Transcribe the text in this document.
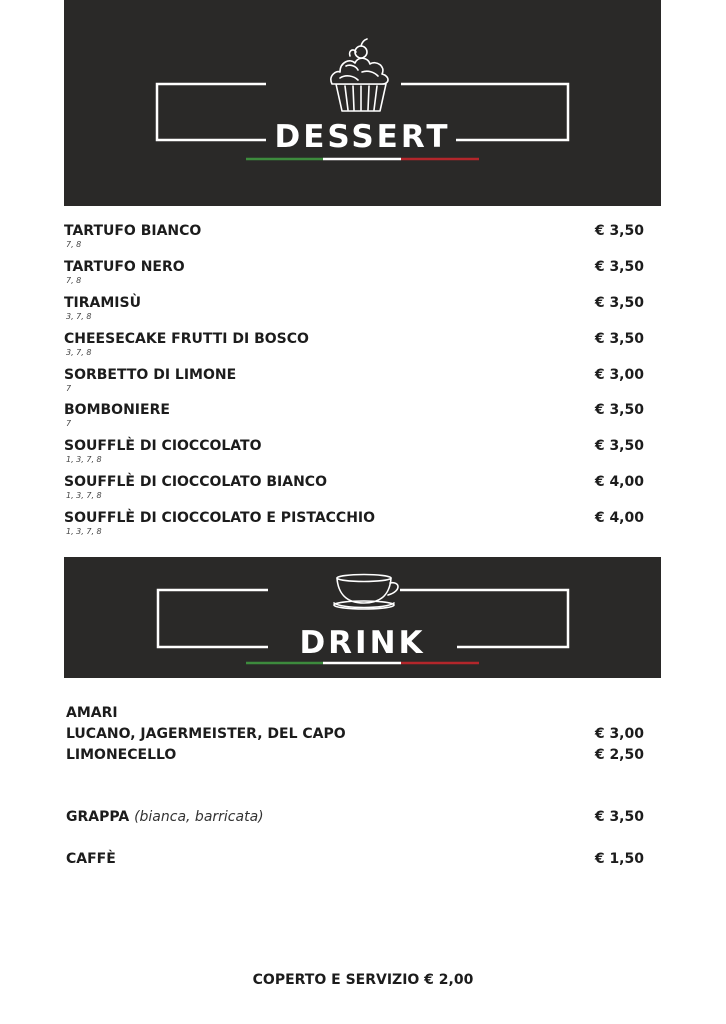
DESSERT
TARTUFO BIANCO
7, 8
€ 3,50
TARTUFO NERO
7, 8
€ 3,50
TIRAMISÙ
3, 7, 8
€ 3,50
CHEESECAKE FRUTTI DI BOSCO
3, 7, 8
€ 3,50
SORBETTO DI LIMONE
7
€ 3,00
BOMBONIERE
7
€ 3,50
SOUFFLÈ DI CIOCCOLATO
1, 3, 7, 8
€ 3,50
SOUFFLÈ DI CIOCCOLATO BIANCO
1, 3, 7, 8
€ 4,00
SOUFFLÈ DI CIOCCOLATO E PISTACCHIO
1, 3, 7, 8
€ 4,00
DRINK
AMARI
LUCANO, JAGERMEISTER, DEL CAPO	€ 3,00
LIMONECELLO	€ 2,50
GRAPPA (bianca, barricata)	€ 3,50
CAFFÈ	€ 1,50
COPERTO E SERVIZIO € 2,00
